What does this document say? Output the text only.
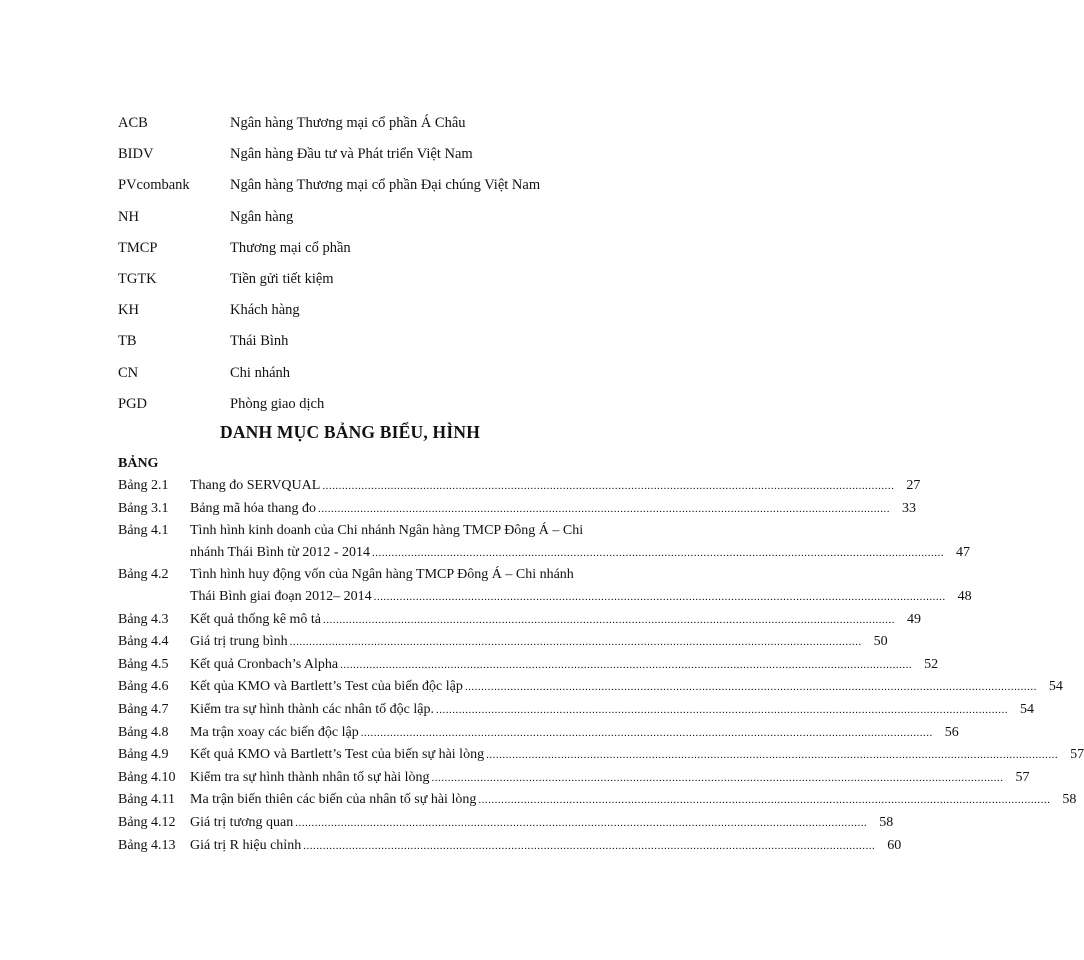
ACB	Ngân hàng Thương mại cổ phần Á Châu
BIDV	Ngân hàng Đầu tư và Phát triển Việt Nam
PVcombank	Ngân hàng Thương mại cổ phần Đại chúng Việt Nam
NH	Ngân hàng
TMCP	Thương mại cổ phần
TGTK	Tiền gửi tiết kiệm
KH	Khách hàng
TB	Thái Bình
CN	Chi nhánh
PGD	Phòng giao dịch
DANH MỤC BẢNG BIỂU, HÌNH
BẢNG
Bảng 2.1	Thang đo SERVQUAL .....	27
Bảng 3.1	Bảng mã hóa thang đo .....	33
Bảng 4.1	Tình hình kinh doanh của Chi nhánh Ngân hàng TMCP Đông Á – Chi
nhánh Thái Bình từ 2012 - 2014 .....	47
Bảng 4.2	Tình hình huy động vốn của Ngân hàng TMCP Đông Á – Chi nhánh
Thái Bình giai đoạn 2012– 2014 .....	48
Bảng 4.3	Kết quả thống kê mô tả .....	49
Bảng 4.4	Giá trị trung bình .....	50
Bảng 4.5	Kết quả Cronbach’s Alpha .....	52
Bảng 4.6	Kết qủa KMO và Bartlett’s Test của biến độc lập .....	54
Bảng 4.7	Kiểm tra sự hình thành các nhân tố độc lập. .....	54
Bảng 4.8	Ma trận xoay các biến độc lập .....	56
Bảng 4.9	Kết quả KMO và Bartlett’s Test của biến sự hài lòng .....	57
Bảng 4.10	Kiểm tra sự hình thành nhân tố sự hài lòng .....	57
Bảng 4.11	Ma trận biến thiên các biến của nhân tố sự hài lòng .....	58
Bảng 4.12	Giá trị tương quan .....	58
Bảng 4.13	Giá trị R hiệu chỉnh .....	60
